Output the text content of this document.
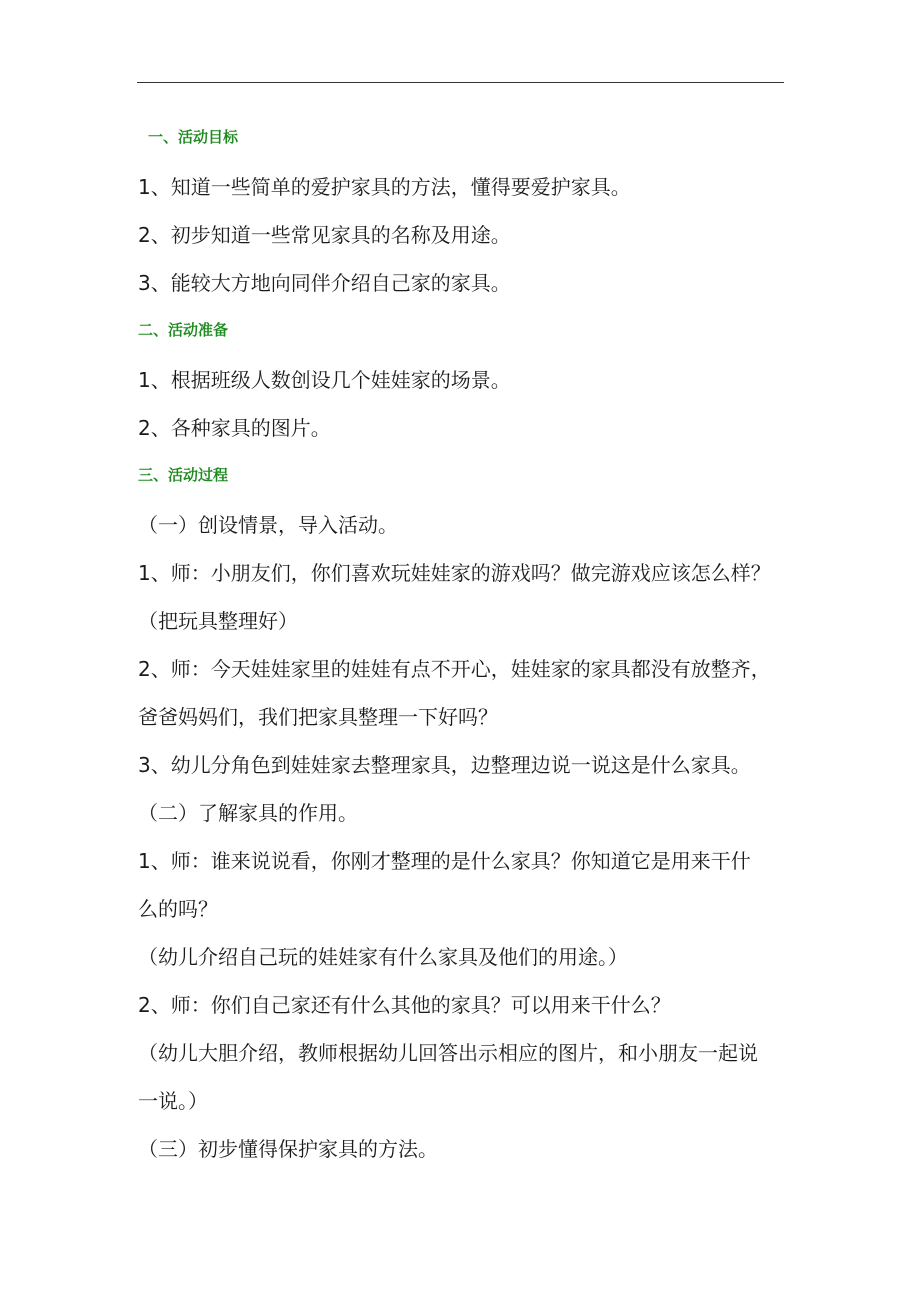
一、活动目标
1、知道一些简单的爱护家具的方法，懂得要爱护家具。
2、初步知道一些常见家具的名称及用途。
3、能较大方地向同伴介绍自己家的家具。
二、活动准备
1、根据班级人数创设几个娃娃家的场景。
2、各种家具的图片。
三、活动过程
（一）创设情景，导入活动。
1、师：小朋友们，你们喜欢玩娃娃家的游戏吗？做完游戏应该怎么样？
（把玩具整理好）
2、师：今天娃娃家里的娃娃有点不开心，娃娃家的家具都没有放整齐，
爸爸妈妈们，我们把家具整理一下好吗？
3、幼儿分角色到娃娃家去整理家具，边整理边说一说这是什么家具。
（二）了解家具的作用。
1、师：谁来说说看，你刚才整理的是什么家具？你知道它是用来干什
么的吗？
（幼儿介绍自己玩的娃娃家有什么家具及他们的用途。）
2、师：你们自己家还有什么其他的家具？可以用来干什么？
（幼儿大胆介绍，教师根据幼儿回答出示相应的图片，和小朋友一起说
一说。）
（三）初步懂得保护家具的方法。
